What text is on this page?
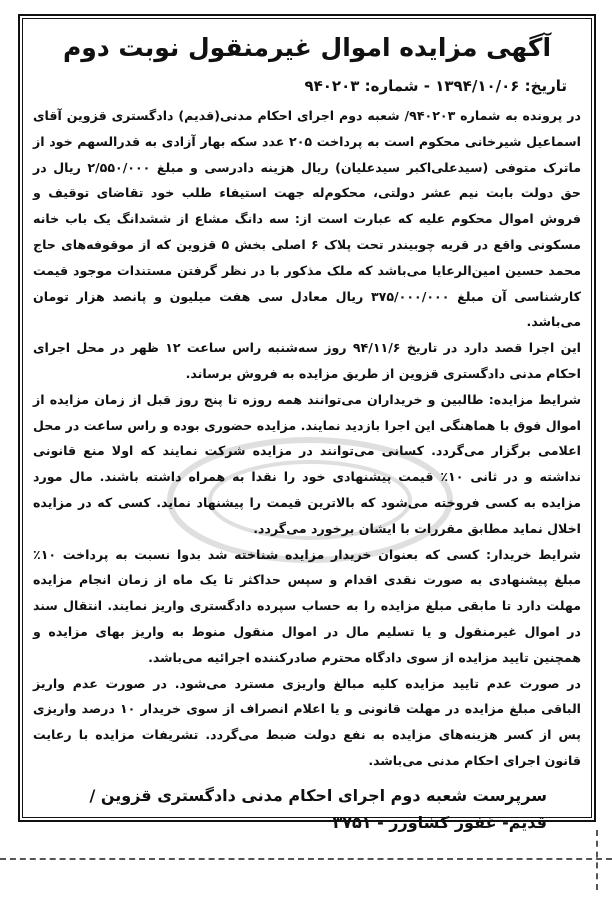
آگهی مزایده اموال غیرمنقول نوبت دوم
تاریخ: ۱۳۹۴/۱۰/۰۶ - شماره: ۹۴۰۲۰۳

در پرونده به شماره ۹۴۰۲۰۳/ شعبه دوم اجرای احکام مدنی(قدیم) دادگستری قزوین آقای اسماعیل شیرخانی محکوم است به پرداخت ۲۰۵ عدد سکه بهار آزادی به قدرالسهم خود از ماترک متوفی (سیدعلی‌اکبر سیدعلیان) ریال هزینه دادرسی و مبلغ ۲/۵۵۰/۰۰۰ ریال در حق دولت بابت نیم عشر دولتی، محکوم‌له جهت استیفاء طلب خود تقاضای توقیف و فروش اموال محکوم علیه که عبارت است از: سه دانگ مشاع از ششدانگ یک باب خانه مسکونی واقع در قریه چوبیندر تحت پلاک ۶ اصلی بخش ۵ قزوین که از موقوفه‌های حاج محمد حسین امین‌الرعایا می‌باشد که ملک مذکور با در نظر گرفتن مستندات موجود قیمت کارشناسی آن مبلغ ۳۷۵/۰۰۰/۰۰۰ ریال معادل سی هفت میلیون و پانصد هزار تومان می‌باشد.

این اجرا قصد دارد در تاریخ ۹۴/۱۱/۶ روز سه‌شنبه راس ساعت ۱۲ ظهر در محل اجرای احکام مدنی دادگستری قزوین از طریق مزایده به فروش برساند.

شرایط مزایده: طالبین و خریداران می‌توانند همه روزه تا پنج روز قبل از زمان مزایده از اموال فوق با هماهنگی این اجرا بازدید نمایند. مزایده حضوری بوده و راس ساعت در محل اعلامی برگزار می‌گردد. کسانی می‌توانند در مزایده شرکت نمایند که اولا منع قانونی نداشته و در ثانی ۱۰٪ قیمت پیشنهادی خود را نقدا به همراه داشته باشند. مال مورد مزایده به کسی فروخته می‌شود که بالاترین قیمت را پیشنهاد نماید. کسی که در مزایده اخلال نماید مطابق مقررات با ایشان برخورد می‌گردد.

شرایط خریدار: کسی که بعنوان خریدار مزایده شناخته شد بدوا نسبت به پرداخت ۱۰٪ مبلغ پیشنهادی به صورت نقدی اقدام و سپس حداکثر تا یک ماه از زمان انجام مزایده مهلت دارد تا مابقی مبلغ مزایده را به حساب سپرده دادگستری واریز نمایند. انتقال سند در اموال غیرمنقول و یا تسلیم مال در اموال منقول منوط به واریز بهای مزایده و همچنین تایید مزایده از سوی دادگاه محترم صادرکننده اجرائیه می‌باشد.

در صورت عدم تایید مزایده کلیه مبالغ واریزی مسترد می‌شود. در صورت عدم واریز الباقی مبلغ مزایده در مهلت قانونی و یا اعلام انصراف از سوی خریدار ۱۰ درصد واریزی پس از کسر هزینه‌های مزایده به نفع دولت ضبط می‌گردد. تشریفات مزایده با رعایت قانون اجرای احکام مدنی می‌باشد.

سرپرست شعبه دوم اجرای احکام مدنی دادگستری قزوین /
قدیم- غفور کشاورز - ۳۷۵۱
